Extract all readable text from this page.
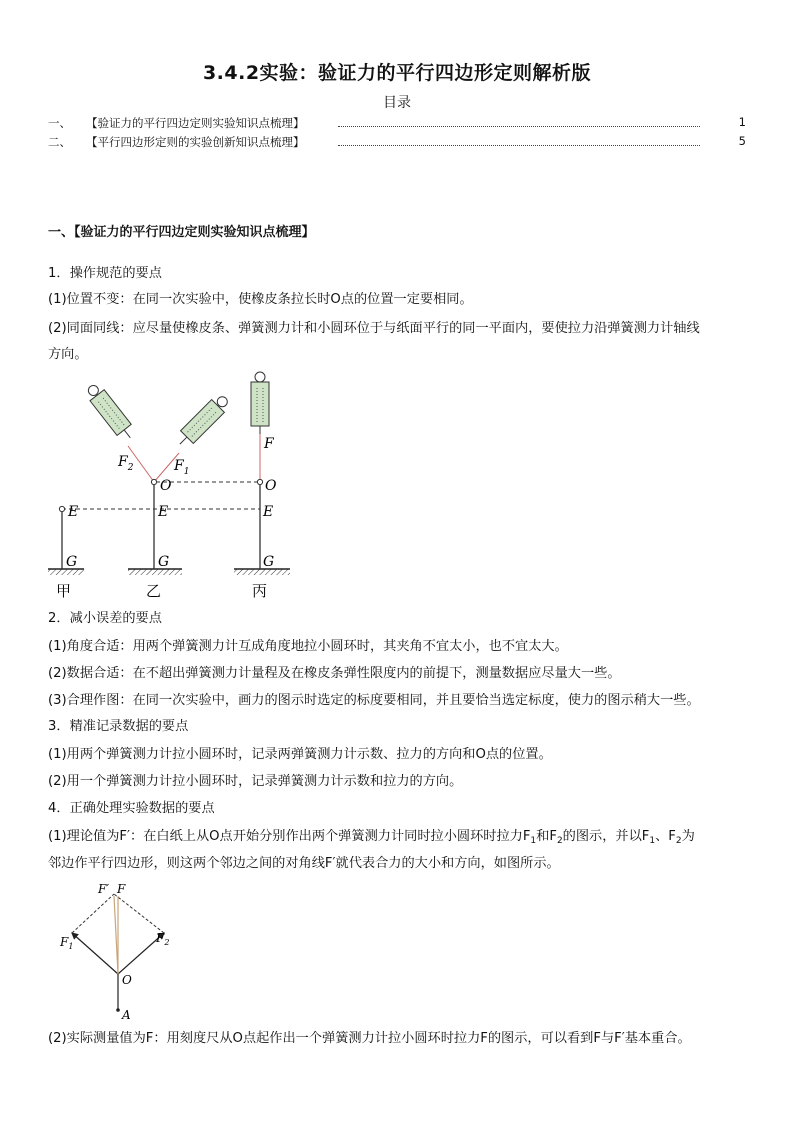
3.4.2实验：验证力的平行四边形定则解析版
目录
一、 【验证力的平行四边定则实验知识点梳理】	1
二、 【平行四边形定则的实验创新知识点梳理】	5
一、【验证力的平行四边定则实验知识点梳理】
1．操作规范的要点
(1)位置不变：在同一次实验中，使橡皮条拉长时O点的位置一定要相同。
(2)同面同线：应尽量使橡皮条、弹簧测力计和小圆环位于与纸面平行的同一平面内，要使拉力沿弹簧测力计轴线
方向。
$F_2$	$F_1$
F
O	O
E	E	E
G	G	G
甲	乙	丙
2．减小误差的要点
(1)角度合适：用两个弹簧测力计互成角度地拉小圆环时，其夹角不宜太小，也不宜太大。
(2)数据合适：在不超出弹簧测力计量程及在橡皮条弹性限度内的前提下，测量数据应尽量大一些。
(3)合理作图：在同一次实验中，画力的图示时选定的标度要相同，并且要恰当选定标度，使力的图示稍大一些。
3．精准记录数据的要点
(1)用两个弹簧测力计拉小圆环时，记录两弹簧测力计示数、拉力的方向和O点的位置。
(2)用一个弹簧测力计拉小圆环时，记录弹簧测力计示数和拉力的方向。
4．正确处理实验数据的要点
(1)理论值为F′：在白纸上从O点开始分别作出两个弹簧测力计同时拉小圆环时拉力$F_1$和$F_2$的图示，并以$F_1$、$F_2$为
邻边作平行四边形，则这两个邻边之间的对角线F′就代表合力的大小和方向，如图所示。
F′ F
$F_1$
$F_2$
O
A
(2)实际测量值为F：用刻度尺从O点起作出一个弹簧测力计拉小圆环时拉力F的图示，可以看到F与F′基本重合。
